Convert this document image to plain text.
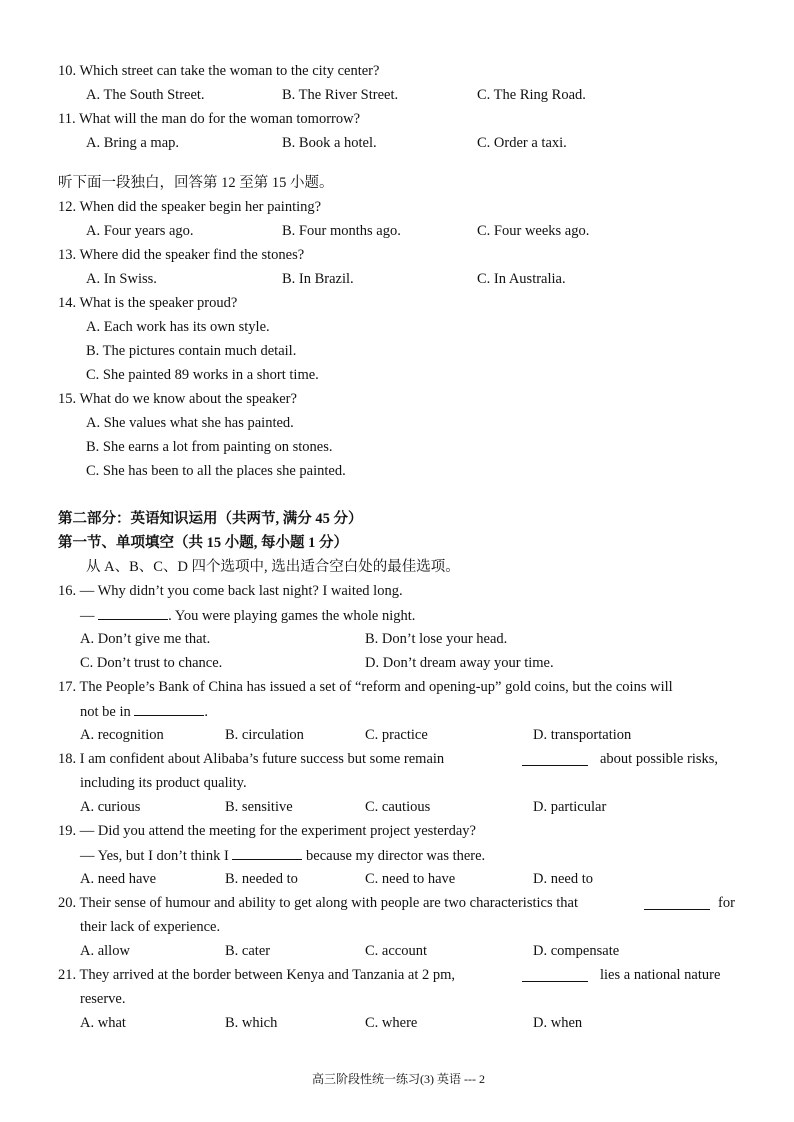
10. Which street can take the woman to the city center?
A. The South Street.	B. The River Street.	C. The Ring Road.
11. What will the man do for the woman tomorrow?
A. Bring a map.	B. Book a hotel.	C. Order a taxi.
听下面一段独白，回答第 12 至第 15 小题。
12. When did the speaker begin her painting?
A. Four years ago.	B. Four months ago.	C. Four weeks ago.
13. Where did the speaker find the stones?
A. In Swiss.	B. In Brazil.	C. In Australia.
14. What is the speaker proud?
A. Each work has its own style.
B. The pictures contain much detail.
C. She painted 89 works in a short time.
15. What do we know about the speaker?
A. She values what she has painted.
B. She earns a lot from painting on stones.
C. She has been to all the places she painted.
第二部分：英语知识运用（共两节, 满分 45 分）
第一节、单项填空（共 15 小题, 每小题 1 分）
从 A、B、C、D 四个选项中, 选出适合空白处的最佳选项。
16. — Why didn’t you come back last night? I waited long.
—	. You were playing games the whole night.
A. Don’t give me that.	B. Don’t lose your head.
C. Don’t trust to chance.	D. Don’t dream away your time.
17. The People’s Bank of China has issued a set of “reform and opening-up” gold coins, but the coins will
not be in	.
A. recognition	B. circulation	C. practice	D. transportation
18. I am confident about Alibaba’s future success but some remain	about possible risks,
including its product quality.
A. curious	B. sensitive	C. cautious	D. particular
19. — Did you attend the meeting for the experiment project yesterday?
— Yes, but I don’t think I	because my director was there.
A. need have	B. needed to	C. need to have	D. need to
20. Their sense of humour and ability to get along with people are two characteristics that	for
their lack of experience.
A. allow	B. cater	C. account	D. compensate
21. They arrived at the border between Kenya and Tanzania at 2 pm,	lies a national nature
reserve.
A. what	B. which	C. where	D. when
高三阶段性统一练习(3) 英语 --- 2
